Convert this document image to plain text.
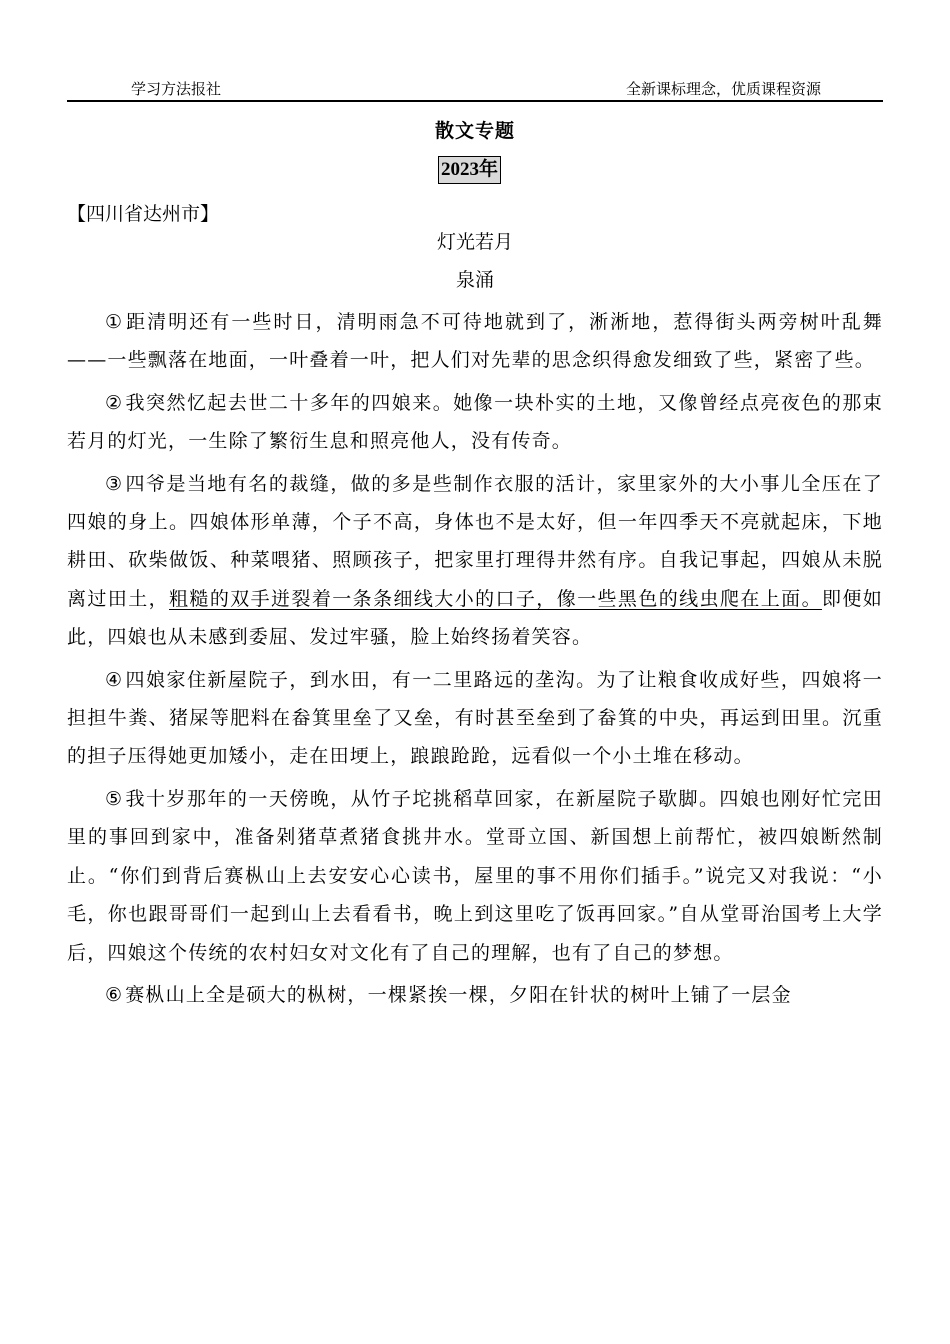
学习方法报社	全新课标理念，优质课程资源
散文专题
2023年
【四川省达州市】
灯光若月
泉涌

① 距清明还有一些时日，清明雨急不可待地就到了，淅淅地，惹得街头两旁树叶乱舞——一些飘落在地面，一叶叠着一叶，把人们对先辈的思念织得愈发细致了些，紧密了些。

② 我突然忆起去世二十多年的四娘来。她像一块朴实的土地，又像曾经点亮夜色的那束若月的灯光，一生除了繁衍生息和照亮他人，没有传奇。

③ 四爷是当地有名的裁缝，做的多是些制作衣服的活计，家里家外的大小事儿全压在了四娘的身上。四娘体形单薄，个子不高，身体也不是太好，但一年四季天不亮就起床，下地耕田、砍柴做饭、种菜喂猪、照顾孩子，把家里打理得井然有序。自我记事起，四娘从未脱离过田土，粗糙的双手迸裂着一条条细线大小的口子，像一些黑色的线虫爬在上面。即便如此，四娘也从未感到委屈、发过牢骚，脸上始终扬着笑容。

④ 四娘家住新屋院子，到水田，有一二里路远的垄沟。为了让粮食收成好些，四娘将一担担牛粪、猪屎等肥料在畚箕里垒了又垒，有时甚至垒到了畚箕的中央，再运到田里。沉重的担子压得她更加矮小，走在田埂上，踉踉跄跄，远看似一个小土堆在移动。

⑤ 我十岁那年的一天傍晚，从竹子坨挑稻草回家，在新屋院子歇脚。四娘也刚好忙完田里的事回到家中，准备剁猪草煮猪食挑井水。堂哥立国、新国想上前帮忙，被四娘断然制止。“你们到背后赛枞山上去安安心心读书，屋里的事不用你们插手。”说完又对我说：“小毛，你也跟哥哥们一起到山上去看看书，晚上到这里吃了饭再回家。”自从堂哥治国考上大学后，四娘这个传统的农村妇女对文化有了自己的理解，也有了自己的梦想。

⑥ 赛枞山上全是硕大的枞树，一棵紧挨一棵，夕阳在针状的树叶上铺了一层金
